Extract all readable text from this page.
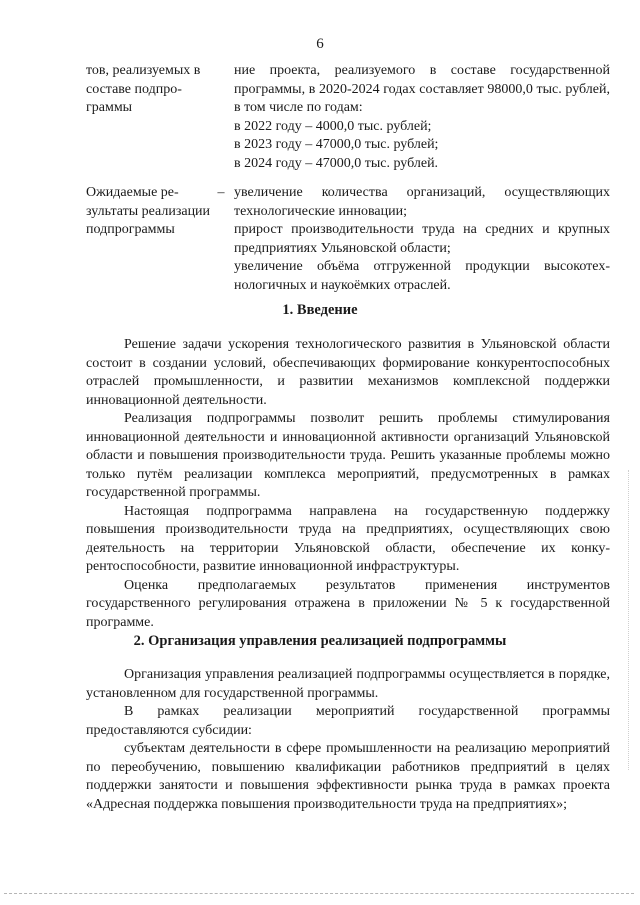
6
тов, реализуемых в составе подпрограммы

ние проекта, реализуемого в составе государственной программы, в 2020-2024 годах составляет 98000,0 тыс. рублей, в том числе по годам:

в 2022 году – 4000,0 тыс. рублей;

в 2023 году – 47000,0 тыс. рублей;

в 2024 году – 47000,0 тыс. рублей.

Ожидаемые результаты реализации подпрограммы
– увеличение количества организаций, осуществляющих технологические инновации;

прирост производительности труда на средних и крупных предприятиях Ульяновской области;

увеличение объёма отгруженной продукции высокотехнологичных и наукоёмких отраслей.

1. Введение

Решение задачи ускорения технологического развития в Ульяновской области состоит в создании условий, обеспечивающих формирование конкурентоспособных отраслей промышленности, и развитии механизмов комплексной поддержки инновационной деятельности.

Реализация подпрограммы позволит решить проблемы стимулирования инновационной деятельности и инновационной активности организаций Ульяновской области и повышения производительности труда. Решить указанные проблемы можно только путём реализации комплекса мероприятий, предусмотренных в рамках государственной программы.

Настоящая подпрограмма направлена на государственную поддержку повышения производительности труда на предприятиях, осуществляющих свою деятельность на территории Ульяновской области, обеспечение их конкурентоспособности, развитие инновационной инфраструктуры.

Оценка предполагаемых результатов применения инструментов государственного регулирования отражена в приложении № 5 к государственной программе.

2. Организация управления реализацией подпрограммы

Организация управления реализацией подпрограммы осуществляется в порядке, установленном для государственной программы.

В рамках реализации мероприятий государственной программы предоставляются субсидии:

субъектам деятельности в сфере промышленности на реализацию мероприятий по переобучению, повышению квалификации работников предприятий в целях поддержки занятости и повышения эффективности рынка труда в рамках проекта «Адресная поддержка повышения производительности труда на предприятиях»;
